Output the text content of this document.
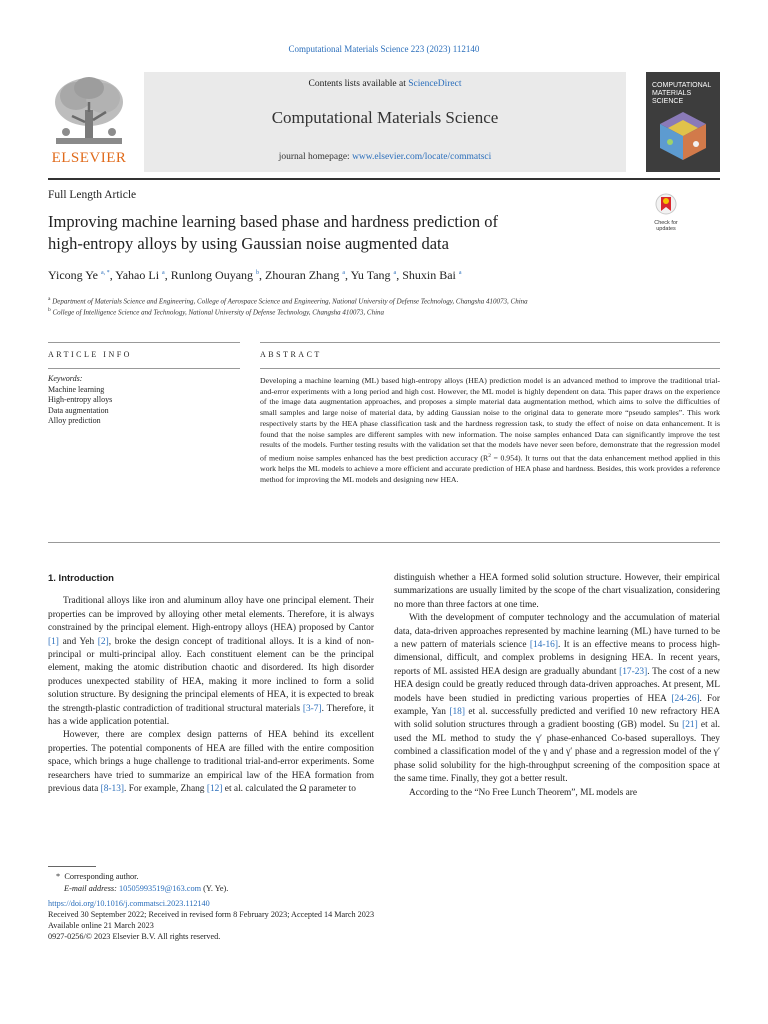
Computational Materials Science 223 (2023) 112140
ELSEVIER
Contents lists available at ScienceDirect
Computational Materials Science
journal homepage: www.elsevier.com/locate/commatsci
COMPUTATIONAL
MATERIALS
SCIENCE
Full Length Article
Improving machine learning based phase and hardness prediction of
high-entropy alloys by using Gaussian noise augmented data
Check for
updates
Yicong Ye $^{a, *}$, Yahao Li $^a$, Runlong Ouyang $^b$, Zhouran Zhang $^a$, Yu Tang $^a$, Shuxin Bai $^a$
$^a$ Department of Materials Science and Engineering, College of Aerospace Science and Engineering, National University of Defense Technology, Changsha 410073, China
$^b$ College of Intelligence Science and Technology, National University of Defense Technology, Changsha 410073, China
ARTICLE INFO	ABSTRACT
Keywords:
Machine learning
High-entropy alloys
Data augmentation
Alloy prediction
Developing a machine learning (ML) based high-entropy alloys (HEA) prediction model is an advanced method to improve the traditional trial-and-error experiments with a long period and high cost. However, the ML model is highly dependent on data. This paper draws on the experience of the image data augmentation approaches, and proposes a simple material data augmentation method, which aims to solve the difficulties of small samples and large noise of material data, by adding Gaussian noise to the original data to generate more “pseudo samples”. This work respectively starts by the HEA phase classification task and the hardness regression task, to study the effect of noise on data enhancement. It is found that the noise samples are different samples with new information. The noise samples enhanced Data can significantly improve the test results of the models. Further testing results with the validation set that the models have never seen before, demonstrate that the regression model of medium noise samples enhanced has the best prediction accuracy $(R^2 = 0.954)$. It turns out that the data enhancement method applied in this work helps the ML models to achieve a more efficient and accurate prediction of HEA phase and hardness. Besides, this work provides a reference method for improving the ML models and designing new HEA.
1. Introduction

Traditional alloys like iron and aluminum alloy have one principal element. Their properties can be improved by alloying other metal elements. Therefore, it is always constrained by the principal element. High-entropy alloys (HEA) proposed by Cantor [1] and Yeh [2], broke the design concept of traditional alloys. It is a kind of non-principal or multi-principal alloy. Each constituent element can be the principal element, making the atomic distribution chaotic and disordered. Its high disorder produces unexpected stability of HEA, making it more inclined to form a solid solution structure. By designing the principal elements of HEA, it is expected to break the strength-plastic contradiction of traditional structural materials [3-7]. Therefore, it has a wide application potential.

However, there are complex design patterns of HEA behind its excellent properties. The potential components of HEA are filled with the entire composition space, which brings a huge challenge to traditional trial-and-error experiments. Some researchers have tried to summarize an empirical law of the HEA formation from previous data [8-13]. For example, Zhang [12] et al. calculated the Ω parameter to

distinguish whether a HEA formed solid solution structure. However, their empirical summarizations are usually limited by the scope of the chart visualization, considering no more than three factors at one time.

With the development of computer technology and the accumulation of material data, data-driven approaches represented by machine learning (ML) have turned to be a new pattern of materials science [14-16]. It is an effective means to process high-dimensional, difficult, and complex problems in designing HEA. In recent years, reports of ML assisted HEA design are gradually abundant [17-23]. The cost of a new HEA design could be greatly reduced through data-driven approaches. At present, ML models have been studied in predicting various properties of HEA [24-26]. For example, Yan [18] et al. successfully predicted and verified 10 new refractory HEA with solid solution structures through a gradient boosting (GB) model. Su [21] et al. used the ML method to study the γ′ phase-enhanced Co-based superalloys. They combined a classification model of the γ and γ′ phase and a regression model of the γ′ phase solid solubility for the high-throughput screening of the composition space at the same time. Finally, they got a better result.

According to the “No Free Lunch Theorem”, ML models are

* Corresponding author.
E-mail address: 10505993519@163.com (Y. Ye).
https://doi.org/10.1016/j.commatsci.2023.112140
Received 30 September 2022; Received in revised form 8 February 2023; Accepted 14 March 2023
Available online 21 March 2023
0927-0256/© 2023 Elsevier B.V. All rights reserved.
